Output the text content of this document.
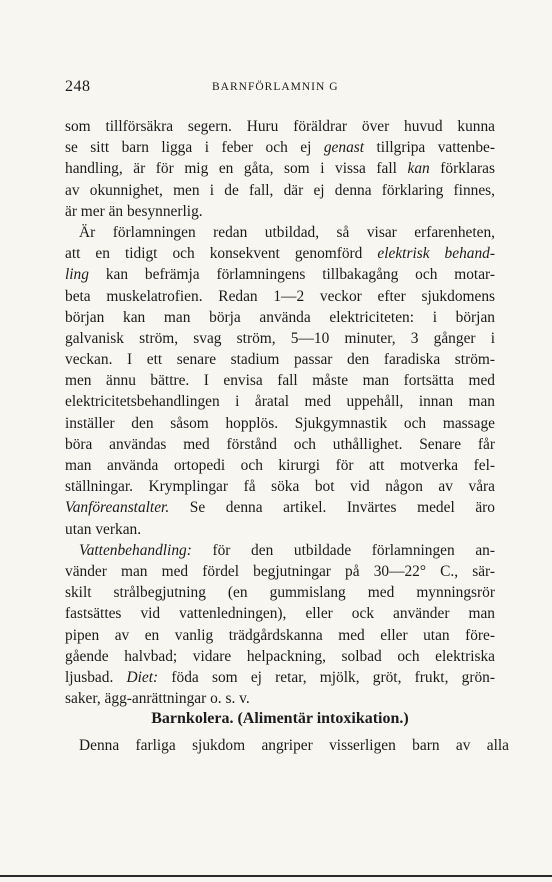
248	BARNFÖRLAMNIN G
som tillförsäkra segern. Huru föräldrar över huvud kunna
se sitt barn ligga i feber och ej genast tillgripa vattenbe-
handling, är för mig en gåta, som i vissa fall kan förklaras
av okunnighet, men i de fall, där ej denna förklaring finnes,
är mer än besynnerlig.
Är förlamningen redan utbildad, så visar erfarenheten,
att en tidigt och konsekvent genomförd elektrisk behand-
ling kan befrämja förlamningens tillbakagång och motar-
beta muskelatrofien. Redan 1—2 veckor efter sjukdomens
början kan man börja använda elektriciteten: i början
galvanisk ström, svag ström, 5—10 minuter, 3 gånger i
veckan. I ett senare stadium passar den faradiska ström-
men ännu bättre. I envisa fall måste man fortsätta med
elektricitetsbehandlingen i åratal med uppehåll, innan man
inställer den såsom hopplös. Sjukgymnastik och massage
böra användas med förstånd och uthållighet. Senare får
man använda ortopedi och kirurgi för att motverka fel-
ställningar. Krymplingar få söka bot vid någon av våra
Vanföreanstalter. Se denna artikel. Invärtes medel äro
utan verkan.
Vattenbehandling: för den utbildade förlamningen an-
vänder man med fördel begjutningar på 30—22° C., sär-
skilt strålbegjutning (en gummislang med mynningsrör
fastsättes vid vattenledningen), eller ock använder man
pipen av en vanlig trädgårdskanna med eller utan före-
gående halvbad; vidare helpackning, solbad och elektriska
ljusbad. Diet: föda som ej retar, mjölk, gröt, frukt, grön-
saker, ägg-anrättningar o. s. v.
Barnkolera. (Alimentär intoxikation.)
Denna farliga sjukdom angriper visserligen barn av alla
